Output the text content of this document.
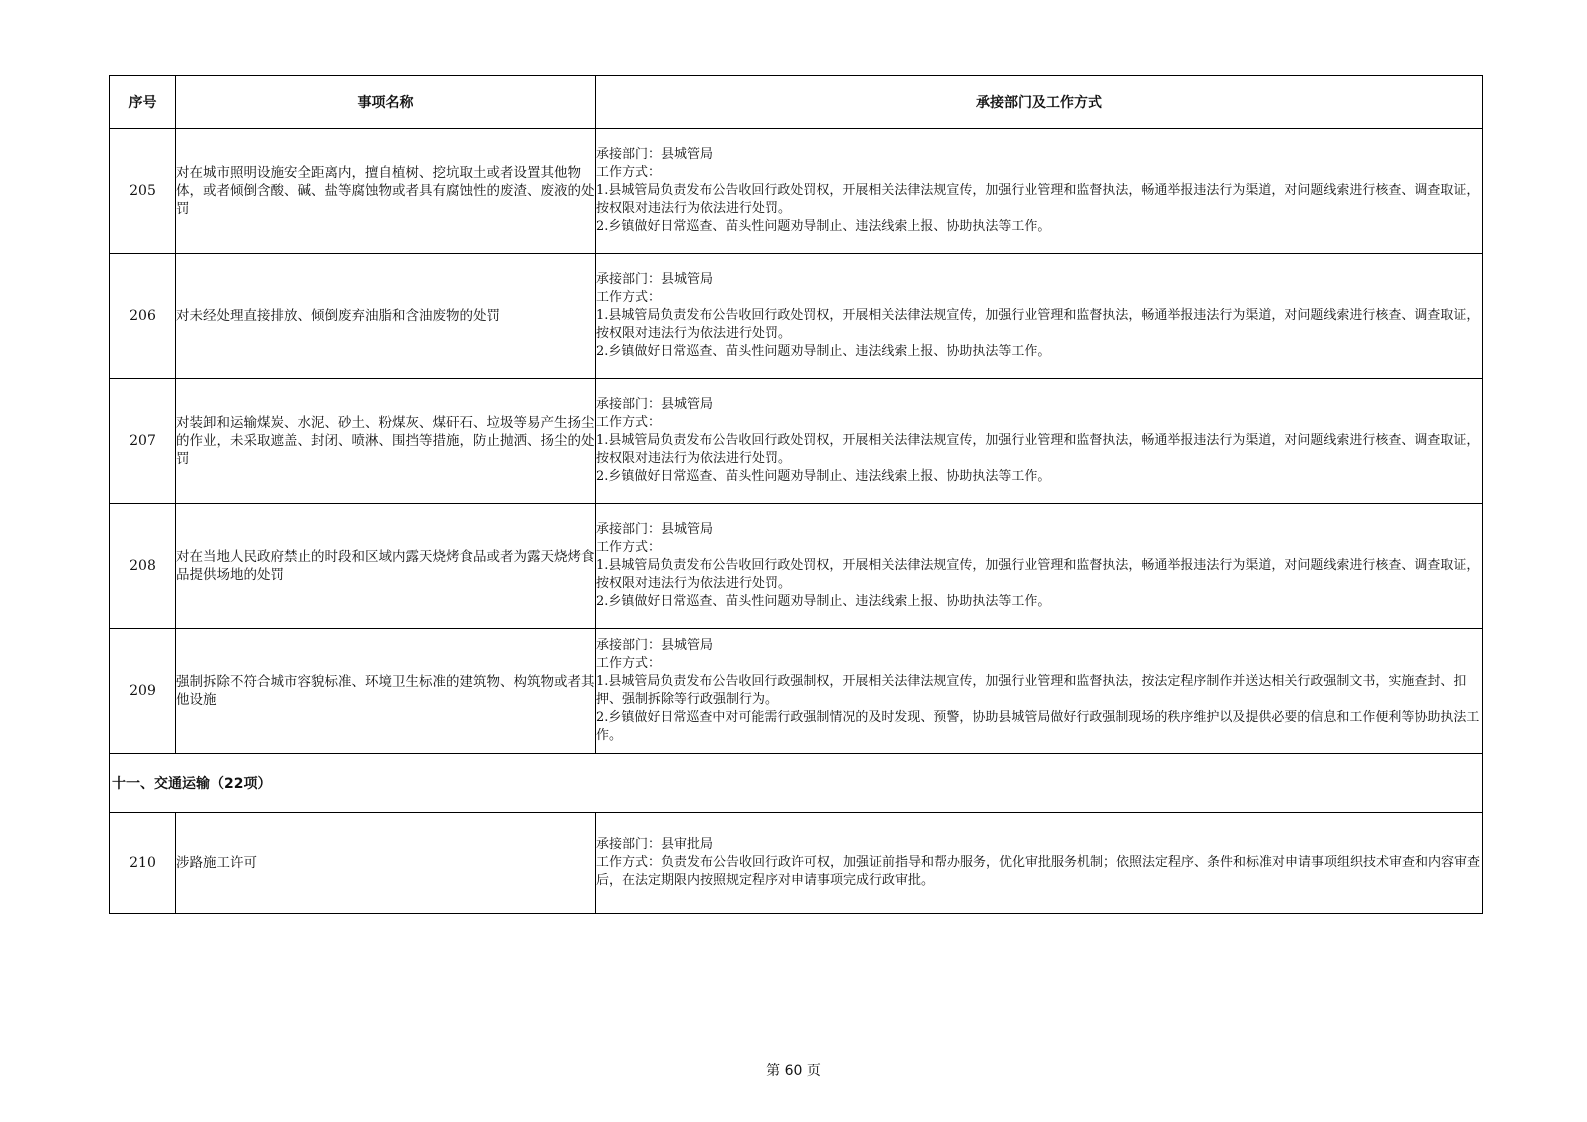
序号	事项名称	承接部门及工作方式
205	对在城市照明设施安全距离内，擅自植树、挖坑取土或者设置其他物体，或者倾倒含酸、碱、盐等腐蚀物或者具有腐蚀性的废渣、废液的处罚	承接部门：县城管局
工作方式：
1.县城管局负责发布公告收回行政处罚权，开展相关法律法规宣传，加强行业管理和监督执法，畅通举报违法行为渠道，对问题线索进行核查、调查取证，按权限对违法行为依法进行处罚。
2.乡镇做好日常巡查、苗头性问题劝导制止、违法线索上报、协助执法等工作。

206	对未经处理直接排放、倾倒废弃油脂和含油废物的处罚	承接部门：县城管局
工作方式：
1.县城管局负责发布公告收回行政处罚权，开展相关法律法规宣传，加强行业管理和监督执法，畅通举报违法行为渠道，对问题线索进行核查、调查取证，按权限对违法行为依法进行处罚。
2.乡镇做好日常巡查、苗头性问题劝导制止、违法线索上报、协助执法等工作。

207	对装卸和运输煤炭、水泥、砂土、粉煤灰、煤矸石、垃圾等易产生扬尘的作业，未采取遮盖、封闭、喷淋、围挡等措施，防止抛洒、扬尘的处罚	承接部门：县城管局
工作方式：
1.县城管局负责发布公告收回行政处罚权，开展相关法律法规宣传，加强行业管理和监督执法，畅通举报违法行为渠道，对问题线索进行核查、调查取证，按权限对违法行为依法进行处罚。
2.乡镇做好日常巡查、苗头性问题劝导制止、违法线索上报、协助执法等工作。

208	对在当地人民政府禁止的时段和区域内露天烧烤食品或者为露天烧烤食品提供场地的处罚	承接部门：县城管局
工作方式：
1.县城管局负责发布公告收回行政处罚权，开展相关法律法规宣传，加强行业管理和监督执法，畅通举报违法行为渠道，对问题线索进行核查、调查取证，按权限对违法行为依法进行处罚。
2.乡镇做好日常巡查、苗头性问题劝导制止、违法线索上报、协助执法等工作。

209	强制拆除不符合城市容貌标准、环境卫生标准的建筑物、构筑物或者其他设施	承接部门：县城管局
工作方式：
1.县城管局负责发布公告收回行政强制权，开展相关法律法规宣传，加强行业管理和监督执法，按法定程序制作并送达相关行政强制文书，实施查封、扣押、强制拆除等行政强制行为。
2.乡镇做好日常巡查中对可能需行政强制情况的及时发现、预警，协助县城管局做好行政强制现场的秩序维护以及提供必要的信息和工作便利等协助执法工作。

十一、交通运输（22项）		
210	涉路施工许可	承接部门：县审批局
工作方式：负责发布公告收回行政许可权，加强证前指导和帮办服务，优化审批服务机制；依照法定程序、条件和标准对申请事项组织技术审查和内容审查后，在法定期限内按照规定程序对申请事项完成行政审批。
第 60 页
